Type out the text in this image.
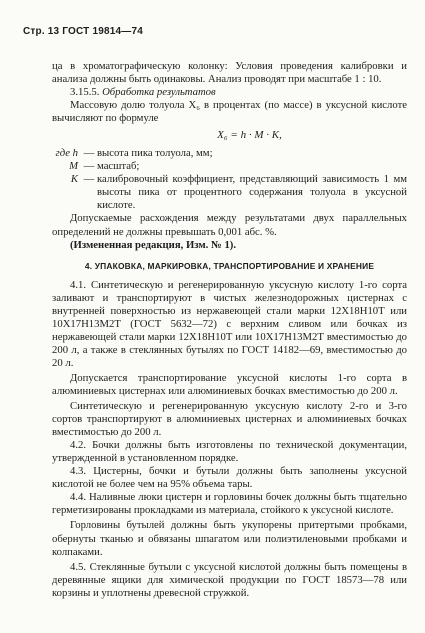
Стр. 13 ГОСТ 19814—74

ца в хроматографическую колонку: Условия проведения калибровки и анализа должны быть одинаковы. Анализ проводят при масштабе 1 : 10.

3.15.5. Обработка результатов

Массовую долю толуола X₆ в процентах (по массе) в уксусной кислоте вычисляют по формуле

X₆ = h · M · K,
где h — высота пика толуола, мм;
M — масштаб;
K — калибровочный коэффициент, представляющий зависимость 1 мм высоты пика от процентного содержания толуола в уксусной кислоте.

Допускаемые расхождения между результатами двух параллельных определений не должны превышать 0,001 абс. %.

(Измененная редакция, Изм. № 1).
4. УПАКОВКА, МАРКИРОВКА, ТРАНСПОРТИРОВАНИЕ И ХРАНЕНИЕ

4.1. Синтетическую и регенерированную уксусную кислоту 1-го сорта заливают и транспортируют в чистых железнодорожных цистернах с внутренней поверхностью из нержавеющей стали марки 12Х18Н10Т или 10Х17Н13М2Т (ГОСТ 5632—72) с верхним сливом или бочках из нержавеющей стали марки 12Х18Н10Т или 10Х17Н13М2Т вместимостью до 200 л, а также в стеклянных бутылях по ГОСТ 14182—69, вместимостью до 20 л.

Допускается транспортирование уксусной кислоты 1-го сорта в алюминиевых цистернах или алюминиевых бочках вместимостью до 200 л.

Синтетическую и регенерированную уксусную кислоту 2-го и 3-го сортов транспортируют в алюминиевых цистернах и алюминиевых бочках вместимостью до 200 л.

4.2. Бочки должны быть изготовлены по технической документации, утвержденной в установленном порядке.

4.3. Цистерны, бочки и бутыли должны быть заполнены уксусной кислотой не более чем на 95% объема тары.

4.4. Наливные люки цистерн и горловины бочек должны быть тщательно герметизированы прокладками из материала, стойкого к уксусной кислоте.

Горловины бутылей должны быть укупорены притертыми пробками, обернуты тканью и обвязаны шпагатом или полиэтиленовыми пробками и колпаками.

4.5. Стеклянные бутыли с уксусной кислотой должны быть помещены в деревянные ящики для химической продукции по ГОСТ 18573—78 или корзины и уплотнены древесной стружкой.
